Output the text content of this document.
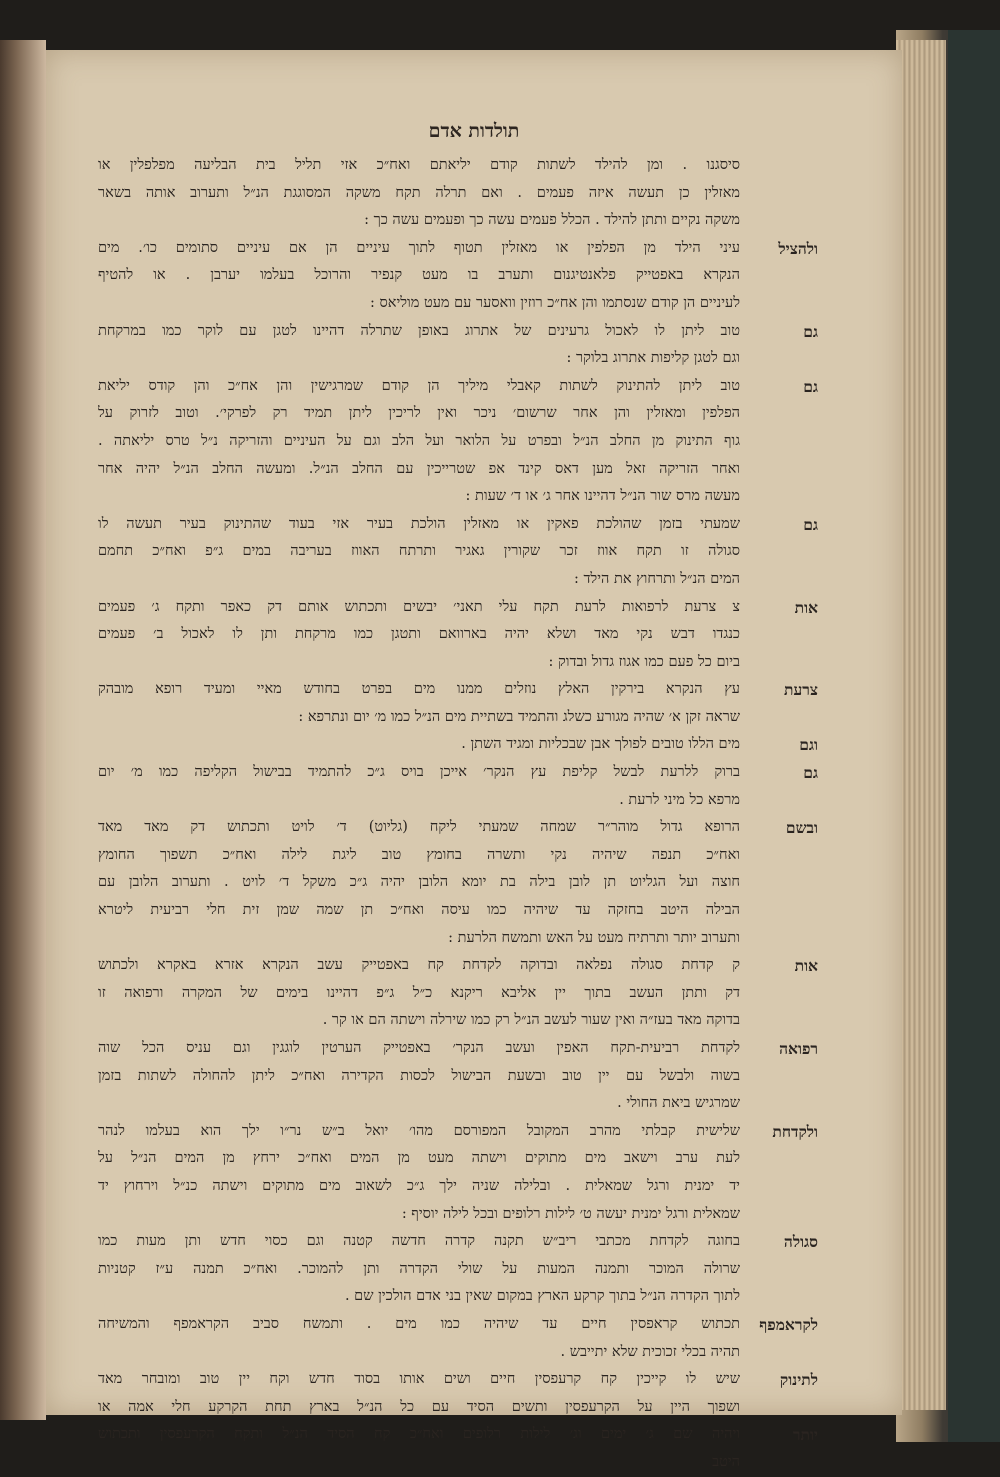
תולדות אדם
סיסגנו . ומן להילד לשתות קודם יליאתם ואח״כ אזי תליל בית הבליעה מפלפלין או
מאזלין כן תעשה איזה פעמים . ואם תרלה תקח משקה המסוגגת הנ״ל ותערוב אותה בשאר
משקה נקיים ותתן להילד . הכלל פעמים עשה כך ופעמים עשה כך :
ולהציל
עיני הילד מן הפלפין או מאזלין תטוף לתוך עיניים הן אם עיניים סתומים כו׳. מים
הנקרא באפטייק פלאנטיגנום ותערב בו מעט קנפיר והרוכל בעלמו יערבן . או להטיף
לעיניים הן קודם שנסתמו והן אח״כ רוזין וואסער עם מעט מוליאס :
גם
טוב ליתן לו לאכול גרעינים של אתרוג באופן שתרלה דהיינו לטגן עם לוקר כמו במרקחת
וגם לטגן קליפות אתרוג בלוקר :
גם
טוב ליתן להתינוק לשתות קאבלי מיליך הן קודם שמרגישין והן אח״כ והן קודס יליאת
הפלפין ומאזלין והן אחר שרשום׳ ניכר ואין לריכין ליתן תמיד רק לפרקי׳. וטוב לזרוק על
גוף התינוק מן החלב הנ״ל ובפרט על הלואר ועל הלב וגם על העיניים והזריקה נ״ל טרס יליאתה .
ואחר הזריקה זאל מען דאס קינד אפ שטרייכין עם החלב הנ״ל. ומעשה החלב הנ״ל יהיה אחר
מעשה מרס שור הנ״ל דהיינו אחר ג׳ או ד׳ שעות :
גם
שמעתי בזמן שהולכת פאקין או מאזלין הולכת בעיר אזי בעוד שהתינוק בעיר תעשה לו
סגולה זו תקח אווז זכר שקורין גאגיר ותרתח האווז בעריבה במים ג״פ ואח״כ תחמם
המים הנ״ל ותרחוץ את הילד :
אות
צ צרעת לרפואות לרעת תקח עלי תאני׳ יבשים ותכתוש אותם דק כאפר ותקח ג׳ פעמים
כנגדו דבש נקי מאד ושלא יהיה בארוואם ותטגן כמו מרקחת ותן לו לאכול ב׳ פעמים
ביום כל פעם כמו אגוז גדול ובדוק :
צרעת
עץ הנקרא בירקין האלץ נוזלים ממנו מים בפרט בחודש מאיי ומעיד רופא מובהק
שראה זקן א׳ שהיה מגורע כשלג והתמיד בשתיית מים הנ״ל כמו מ׳ יום ונתרפא :
וגם
מים הללו טובים לפולך אבן שבכליות ומגיד השתן .
גם
ברוק ללרעת לבשל קליפת עץ הנקר׳ אייכן בויס ג״כ להתמיד בבישול הקליפה כמו מ׳ יום
מרפא כל מיני לרעת .
ובשם
הרופא גדול מוהר״ר שמחה שמעתי ליקח (גליוט) ד׳ לויט ותכתוש דק מאד מאד
ואח״כ תנפה שיהיה נקי ותשרה בחומץ טוב ליגת לילה ואח״כ תשפוך החומץ
חוצה ועל הגליוט תן לובן בילה בת יומא הלובן יהיה ג״כ משקל ד׳ לויט . ותערוב הלובן עם
הבילה היטב בחזקה עד שיהיה כמו עיסה ואח״כ תן שמה שמן זית חלי רביעית ליטרא
ותערוב יותר ותרתיח מעט על האש ותמשח הלרעת :
אות
ק קדחת סגולה נפלאה ובדוקה לקדחת קח באפטייק עשב הנקרא אזרא באקרא ולכתוש
דק ותתן העשב בתוך יין אליבא ריקנא כ״ל ג״פ דהיינו בימים של המקרה ורפואה זו
בדוקה מאד בעז״ה ואין שעור לעשב הנ״ל רק כמו שירלה וישתה הם או קר .
רפואה
לקדחת רביעית-תקח האפין ועשב הנקר׳ באפטייק הערטין לוגגין וגם עניס הכל שוה
בשוה ולבשל עם יין טוב ובשעת הבישול לכסות הקדירה ואח״כ ליתן להחולה לשתות בזמן
שמרגיש ביאת החולי .
ולקדחת
שלישית קבלתי מהרב המקובל המפורסם מהו׳ יואל ב״ש נר״ו ילך הוא בעלמו לנהר
לעת ערב וישאב מים מתוקים וישתה מעט מן המים ואח״כ ירחץ מן המים הנ״ל על
יד ימנית ורגל שמאלית . ובלילה שניה ילך ג״כ לשאוב מים מתוקים וישתה כנ״ל וירחוץ יד
שמאלית ורגל ימנית יעשה ט׳ לילות רלופים ובכל לילה יוסיף :
סגולה
בחוגה לקדחת מכתבי ריב״ש תקנה קדרה חדשה קטנה וגם כסוי חדש ותן מעות כמו
שרולה המוכר ותמנה המעות על שולי הקדרה ותן להמוכר. ואח״כ תמנה ע״ז קטניות
לתוך הקדרה הנ״ל בתוך קרקע הארץ במקום שאין בני אדם הולכין שם .
לקראמפף
תכתוש קראפסין חיים עד שיהיה כמו מים . ותמשח סביב הקראמפף והמשיחה
תהיה בכלי זכוכית שלא יתייבש .
לתינוק
שיש לו קייכין קח קרעפסין חיים ושים אותו בסוד חדש וקח יין טוב ומובחר מאד
ושפוך היין על הקרעפסין ותשים הסיד עם כל הנ״ל בארץ תחת הקרקע חלי אמה או
יותר
ויהיה שם ג׳ ימים וג׳ לילות רלופים ואח״כ קח הסיד הנ״ל ותקח הקרעפסין ותכתוש
היטב
